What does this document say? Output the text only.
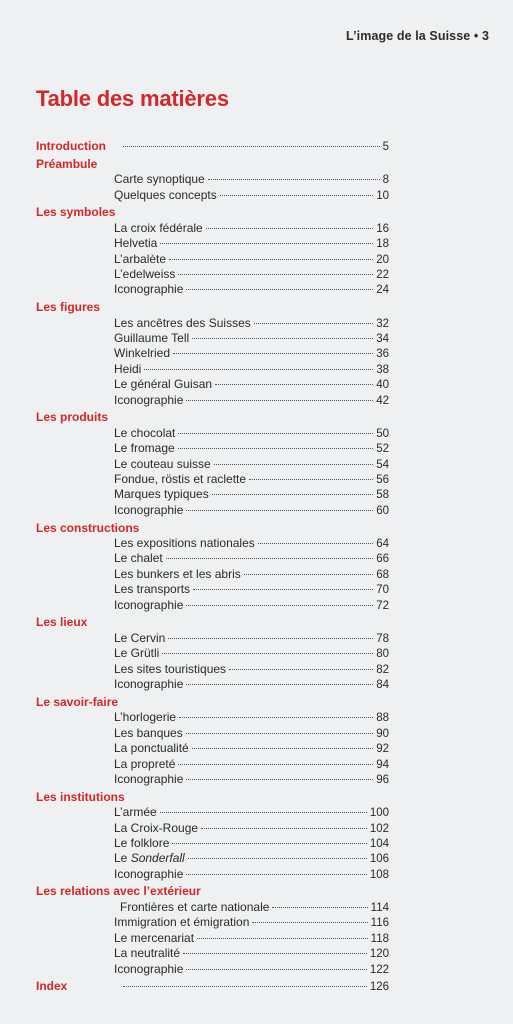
L’image de la Suisse • 3
Table des matières
Introduction	5
Préambule
Carte synoptique	8
Quelques concepts	10
Les symboles
La croix fédérale	16
Helvetia	18
L’arbalète	20
L’edelweiss	22
Iconographie	24
Les figures
Les ancêtres des Suisses	32
Guillaume Tell	34
Winkelried	36
Heidi	38
Le général Guisan	40
Iconographie	42
Les produits
Le chocolat	50
Le fromage	52
Le couteau suisse	54
Fondue, röstis et raclette	56
Marques typiques	58
Iconographie	60
Les constructions
Les expositions nationales	64
Le chalet	66
Les bunkers et les abris	68
Les transports	70
Iconographie	72
Les lieux
Le Cervin	78
Le Grütli	80
Les sites touristiques	82
Iconographie	84
Le savoir-faire
L’horlogerie	88
Les banques	90
La ponctualité	92
La propreté	94
Iconographie	96
Les institutions
L’armée	100
La Croix-Rouge	102
Le folklore	104
Le Sonderfall	106
Iconographie	108
Les relations avec l’extérieur
Frontières et carte nationale	114
Immigration et émigration	116
Le mercenariat	118
La neutralité	120
Iconographie	122
Index	126
